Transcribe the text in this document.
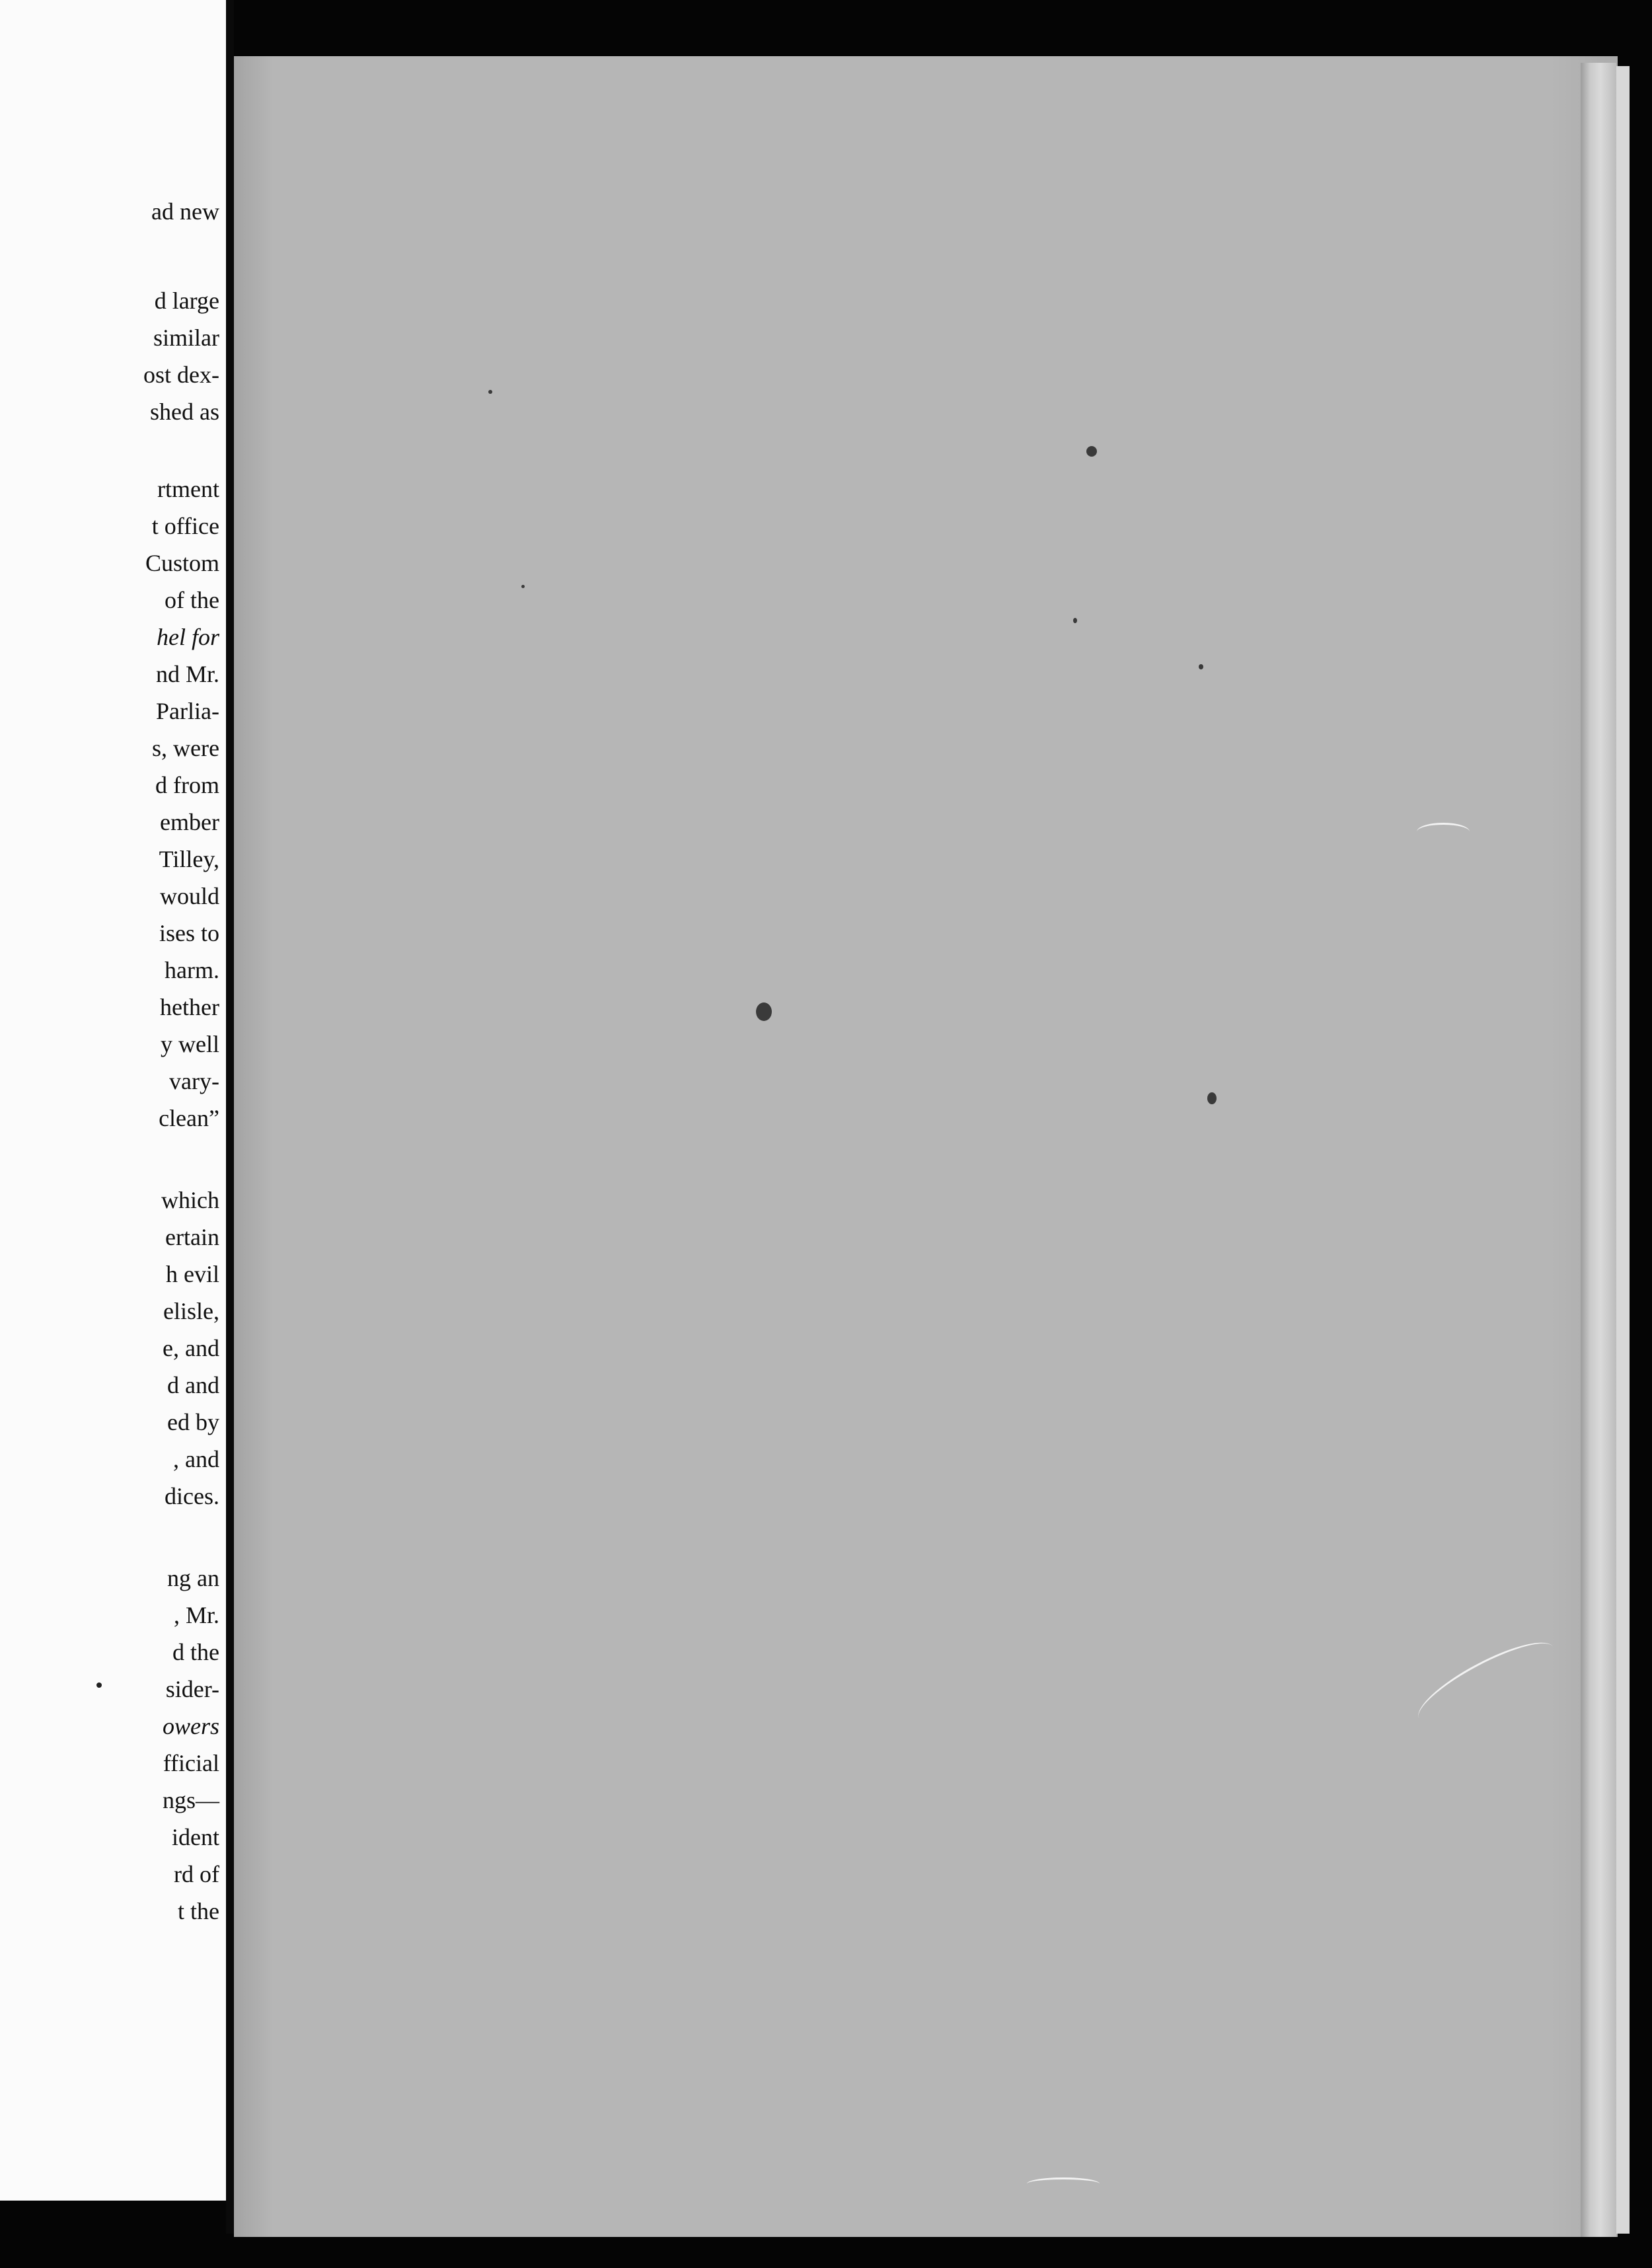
ad new

d large

similar

ost dex-

shed as

rtment

t office

Custom

of the

hel for

nd Mr.

Parlia-

s, were

d from

ember

Tilley,

would

ises to

harm.

hether

y well

vary-

clean”

which

ertain

h evil

elisle,

e, and

d and

ed by

, and

dices.

ng an

, Mr.

d the

sider-

owers

fficial

ngs—

ident

rd of

t the
